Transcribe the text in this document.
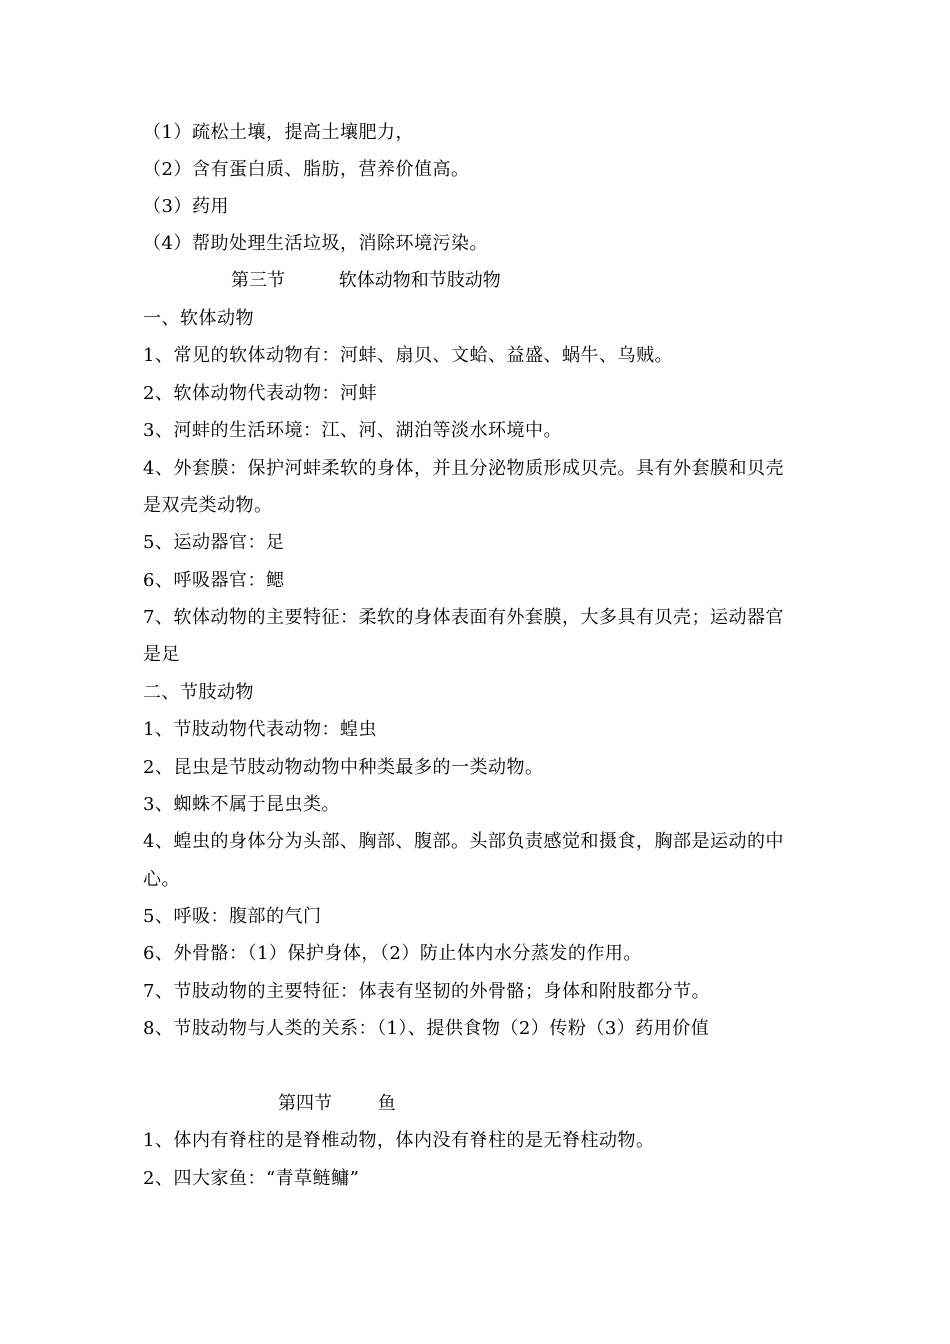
（1）疏松土壤，提高土壤肥力，
（2）含有蛋白质、脂肪，营养价值高。
（3）药用
（4）帮助处理生活垃圾，消除环境污染。
第三节	软体动物和节肢动物
一、软体动物
1、常见的软体动物有：河蚌、扇贝、文蛤、益盛、蜗牛、乌贼。
2、软体动物代表动物：河蚌
3、河蚌的生活环境：江、河、湖泊等淡水环境中。
4、外套膜：保护河蚌柔软的身体，并且分泌物质形成贝壳。具有外套膜和贝壳
是双壳类动物。
5、运动器官：足
6、呼吸器官：鳃
7、软体动物的主要特征：柔软的身体表面有外套膜，大多具有贝壳；运动器官
是足
二、节肢动物
1、节肢动物代表动物：蝗虫
2、昆虫是节肢动物动物中种类最多的一类动物。
3、蜘蛛不属于昆虫类。
4、蝗虫的身体分为头部、胸部、腹部。头部负责感觉和摄食，胸部是运动的中
心。
5、呼吸：腹部的气门
6、外骨骼：（1）保护身体，（2）防止体内水分蒸发的作用。
7、节肢动物的主要特征：体表有坚韧的外骨骼；身体和附肢都分节。
8、节肢动物与人类的关系：（1）、提供食物（2）传粉（3）药用价值
第四节	鱼
1、体内有脊柱的是脊椎动物，体内没有脊柱的是无脊柱动物。
2、四大家鱼：“青草鲢鳙”
